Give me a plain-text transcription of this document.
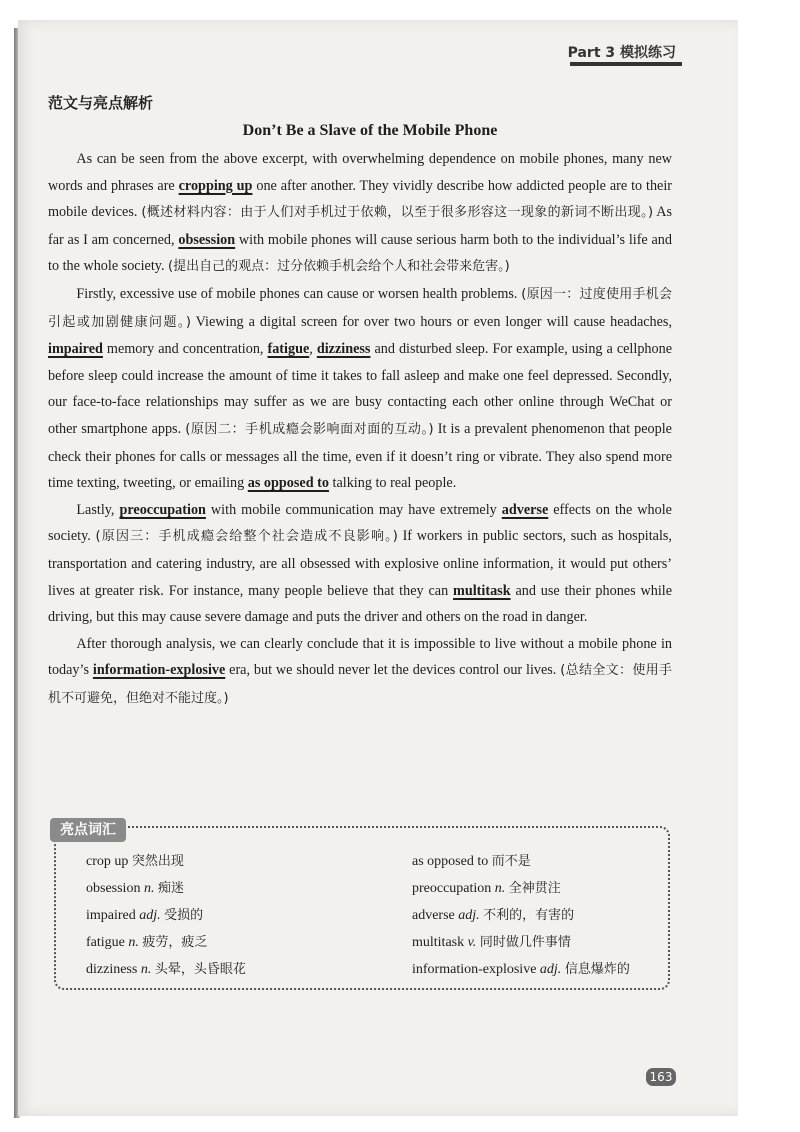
Part 3 模拟练习
范文与亮点解析
Don’t Be a Slave of the Mobile Phone

As can be seen from the above excerpt, with overwhelming dependence on mobile phones, many new words and phrases are cropping up one after another. They vividly describe how addicted people are to their mobile devices. (概述材料内容：由于人们对手机过于依赖，以至于很多形容这一现象的新词不断出现。) As far as I am concerned, obsession with mobile phones will cause serious harm both to the individual’s life and to the whole society. (提出自己的观点：过分依赖手机会给个人和社会带来危害。)

Firstly, excessive use of mobile phones can cause or worsen health problems. (原因一：过度使用手机会引起或加剧健康问题。) Viewing a digital screen for over two hours or even longer will cause headaches, impaired memory and concentration, fatigue, dizziness and disturbed sleep. For example, using a cellphone before sleep could increase the amount of time it takes to fall asleep and make one feel depressed. Secondly, our face-to-face relationships may suffer as we are busy contacting each other online through WeChat or other smartphone apps. (原因二：手机成瘾会影响面对面的互动。) It is a prevalent phenomenon that people check their phones for calls or messages all the time, even if it doesn’t ring or vibrate. They also spend more time texting, tweeting, or emailing as opposed to talking to real people.

Lastly, preoccupation with mobile communication may have extremely adverse effects on the whole society. (原因三：手机成瘾会给整个社会造成不良影响。) If workers in public sectors, such as hospitals, transportation and catering industry, are all obsessed with explosive online information, it would put others’ lives at greater risk. For instance, many people believe that they can multitask and use their phones while driving, but this may cause severe damage and puts the driver and others on the road in danger.

After thorough analysis, we can clearly conclude that it is impossible to live without a mobile phone in today’s information-explosive era, but we should never let the devices control our lives. (总结全文：使用手机不可避免，但绝对不能过度。)

亮点词汇
crop up 突然出现
obsession n. 痴迷
impaired adj. 受损的
fatigue n. 疲劳，疲乏
dizziness n. 头晕，头昏眼花
as opposed to 而不是
preoccupation n. 全神贯注
adverse adj. 不利的，有害的
multitask v. 同时做几件事情
information-explosive adj. 信息爆炸的
163
